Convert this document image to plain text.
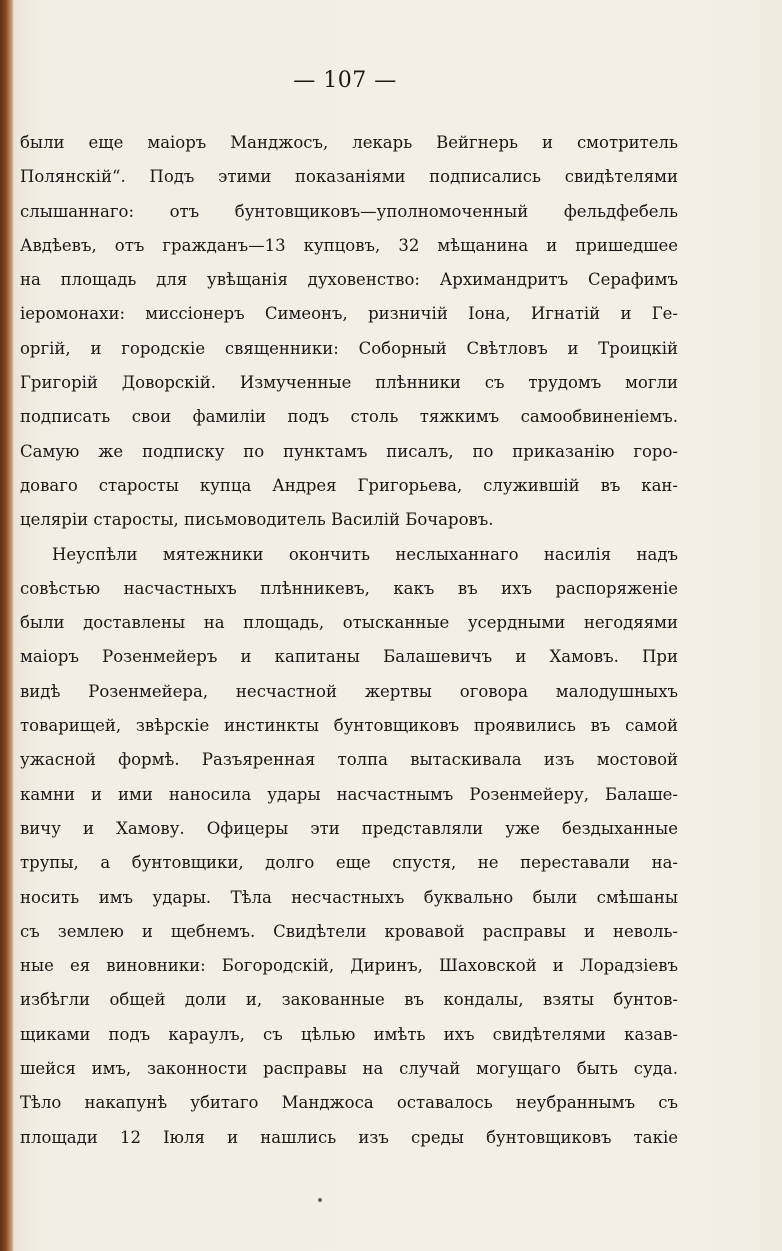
— 107 —
были еще маіоръ Манджосъ, лекарь Вейгнерь и смотритель
Полянскій“. Подъ этими показаніями подписались свидѣтелями
слышаннаго: отъ бунтовщиковъ—уполномоченный фельдфебель
Авдѣевъ, отъ гражданъ—13 купцовъ, 32 мѣщанина и пришедшее
на площадь для увѣщанія духовенство: Архимандритъ Серафимъ
іеромонахи: миссіонеръ Симеонъ, ризничій Іона, Игнатій и Ге-
оргій, и городскіе священники: Соборный Свѣтловъ и Троицкій
Григорій Доворскій. Измученные плѣнники съ трудомъ могли
подписать свои фамиліи подъ столь тяжкимъ самообвиненіемъ.
Самую же подписку по пунктамъ писалъ, по приказанію горо-
доваго старосты купца Андрея Григорьева, служившій въ кан-
целяріи старосты, письмоводитель Василій Бочаровъ.
Неуспѣли мятежники окончить неслыханнаго насилія надъ
совѣстью насчастныхъ плѣнникевъ, какъ въ ихъ распоряженіе
были доставлены на площадь, отысканные усердными негодяями
маіоръ Розенмейеръ и капитаны Балашевичъ и Хамовъ. При
видѣ Розенмейера, несчастной жертвы оговора малодушныхъ
товарищей, звѣрскіе инстинкты бунтовщиковъ проявились въ самой
ужасной формѣ. Разъяренная толпа вытаскивала изъ мостовой
камни и ими наносила удары насчастнымъ Розенмейеру, Балаше-
вичу и Хамову. Офицеры эти представляли уже бездыханные
трупы, а бунтовщики, долго еще спустя, не переставали на-
носить имъ удары. Тѣла несчастныхъ буквально были смѣшаны
съ землею и щебнемъ. Свидѣтели кровавой расправы и неволь-
ные ея виновники: Богородскій, Диринъ, Шаховской и Лорадзіевъ
избѣгли общей доли и, закованные въ кондалы, взяты бунтов-
щиками подъ караулъ, съ цѣлью имѣть ихъ свидѣтелями казав-
шейся имъ, законности расправы на случай могущаго быть суда.
Тѣло накапунѣ убитаго Манджоса оставалось неубраннымъ съ
площади 12 Іюля и нашлись изъ среды бунтовщиковъ такіе
